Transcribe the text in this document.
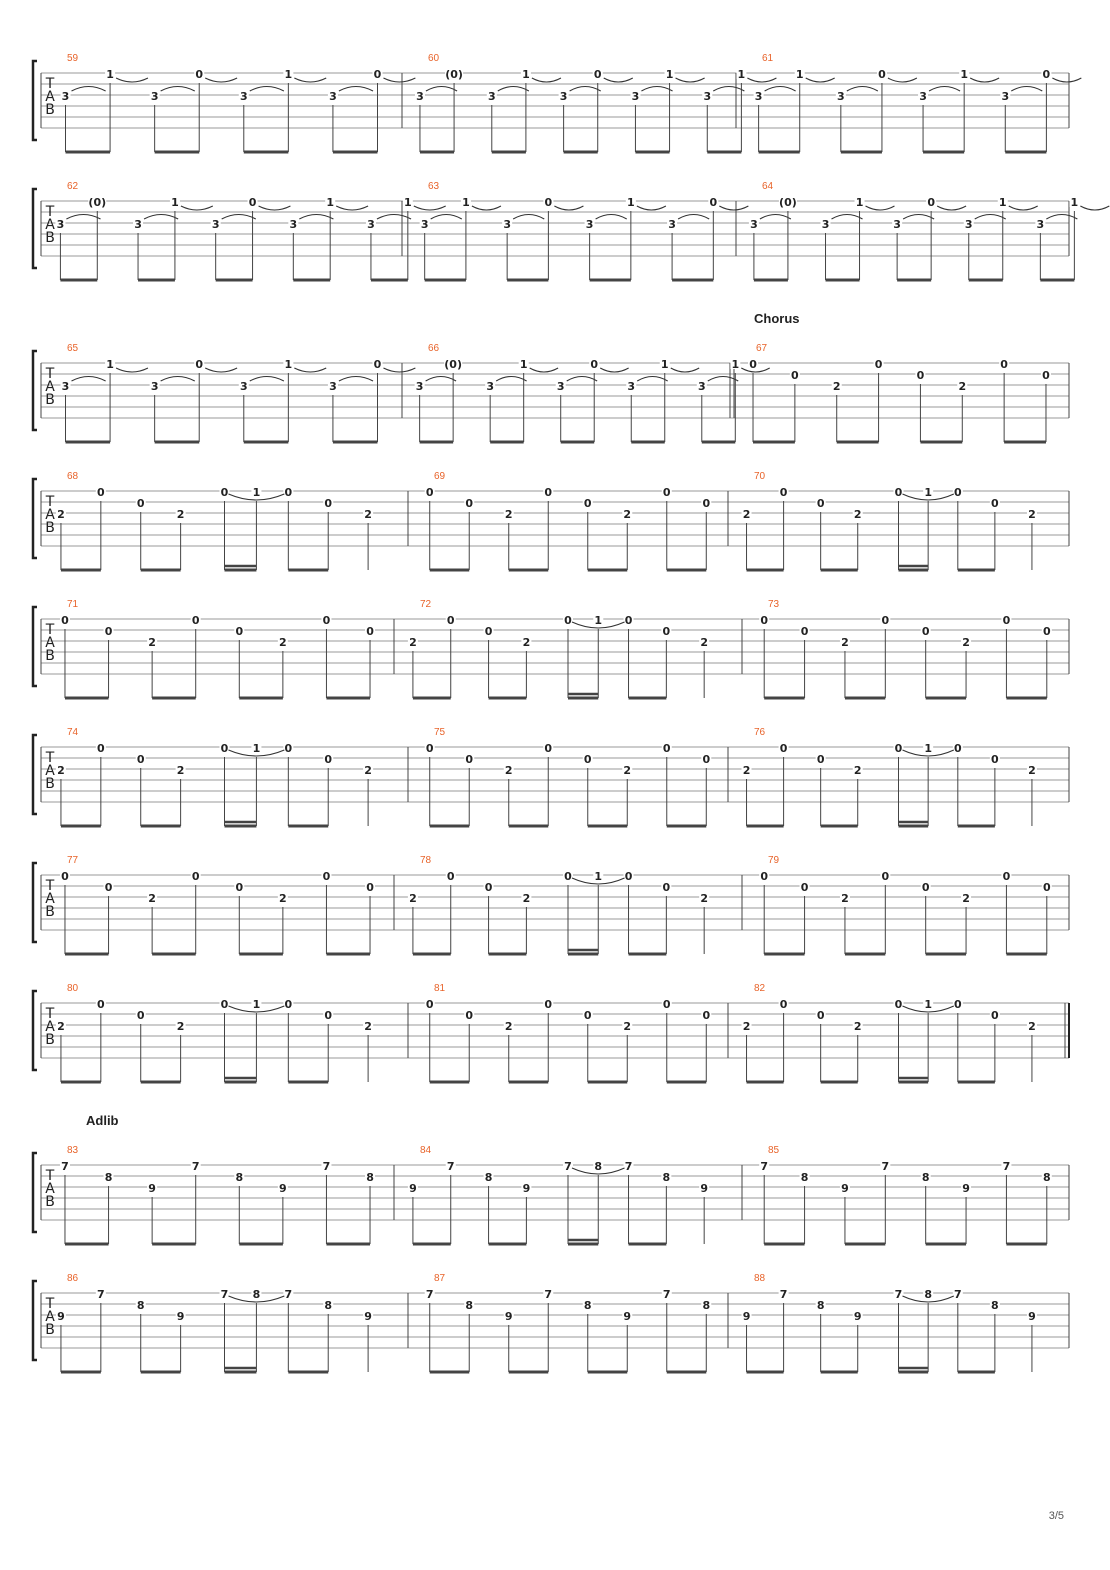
T
A
B
59
3
1
3
0
3
1
3
0
60
3
(0)
3
1
3
0
3
1
3
1
61
3
1
3
0
3
1
3
0
T
A
B
62
3
(0)
3
1
3
0
3
1
3
1
63
3
1
3
0
3
1
3
0
64
3
(0)
3
1
3
0
3
1
3
1
T
A
B
65
3
1
3
0
3
1
3
0
66
3
(0)
3
1
3
0
3
1
3
1
67
0
0
2
0
0
2
0
0
Chorus
T
A
B
68
2
0
0
2
0 1 0
0
2
69
0
0
2
0
0
2
0
0
70
2
0
0
2
0 1 0
0
2
T
A
B
71
0
0
2
0
0
2
0
0
72
2
0
0
2
0 1 0
0
2
73
0
0
2
0
0
2
0
0
T
A
B
74
2
0
0
2
0 1 0
0
2
75
0
0
2
0
0
2
0
0
76
2
0
0
2
0 1 0
0
2
T
A
B
77
0
0
2
0
0
2
0
0
78
2
0
0
2
0 1 0
0
2
79
0
0
2
0
0
2
0
0
T
A
B
80
2
0
0
2
0 1 0
0
2
81
0
0
2
0
0
2
0
0
82
2
0
0
2
0 1 0
0
2
T
A
B
83
7
8
9
7
8
9
7
8
84
9
7
8
9
7 8 7
8
9
85
7
8
9
7
8
9
7
8
Adlib
T
A
B
86
9
7
8
9
7 8 7
8
9
87
7
8
9
7
8
9
7
8
88
9
7
8
9
7 8 7
8
9
3/5
